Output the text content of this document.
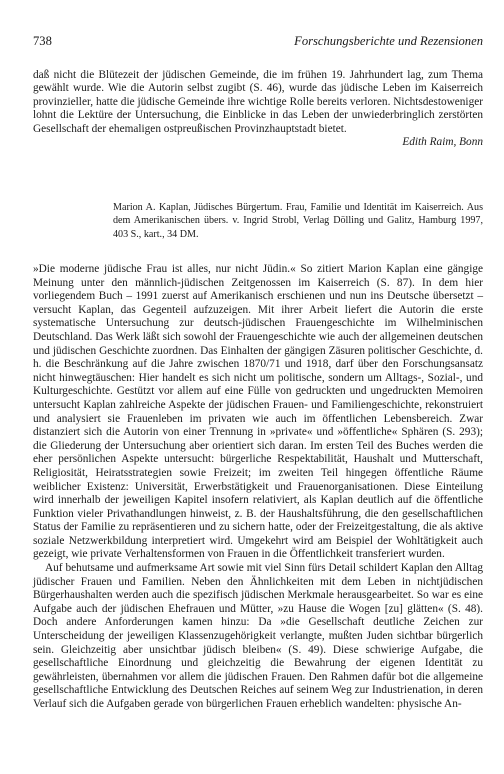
738	Forschungsberichte und Rezensionen

daß nicht die Blütezeit der jüdischen Gemeinde, die im frühen 19. Jahrhundert lag, zum Thema gewählt wurde. Wie die Autorin selbst zugibt (S. 46), wurde das jüdische Leben im Kaiserreich provinzieller, hatte die jüdische Gemeinde ihre wichtige Rolle bereits verloren. Nichtsdestoweniger lohnt die Lektüre der Untersuchung, die Einblicke in das Leben der unwiederbringlich zerstörten Gesellschaft der ehemaligen ostpreußischen Provinzhauptstadt bietet.

Edith Raim, Bonn

Marion A. Kaplan, Jüdisches Bürgertum. Frau, Familie und Identität im Kaiserreich. Aus dem Amerikanischen übers. v. Ingrid Strobl, Verlag Dölling und Galitz, Hamburg 1997, 403 S., kart., 34 DM.

»Die moderne jüdische Frau ist alles, nur nicht Jüdin.« So zitiert Marion Kaplan eine gängige Meinung unter den männlich-jüdischen Zeitgenossen im Kaiserreich (S. 87). In dem hier vorliegendem Buch – 1991 zuerst auf Amerikanisch erschienen und nun ins Deutsche übersetzt – versucht Kaplan, das Gegenteil aufzuzeigen. Mit ihrer Arbeit liefert die Autorin die erste systematische Untersuchung zur deutsch-jüdischen Frauengeschichte im Wilhelminischen Deutschland. Das Werk läßt sich sowohl der Frauengeschichte wie auch der allgemeinen deutschen und jüdischen Geschichte zuordnen. Das Einhalten der gängigen Zäsuren politischer Geschichte, d. h. die Beschränkung auf die Jahre zwischen 1870/71 und 1918, darf über den Forschungsansatz nicht hinwegtäuschen: Hier handelt es sich nicht um politische, sondern um Alltags-, Sozial-, und Kulturgeschichte. Gestützt vor allem auf eine Fülle von gedruckten und ungedruckten Memoiren untersucht Kaplan zahlreiche Aspekte der jüdischen Frauen- und Familiengeschichte, rekonstruiert und analysiert sie Frauenleben im privaten wie auch im öffentlichen Lebensbereich. Zwar distanziert sich die Autorin von einer Trennung in »private« und »öffentliche« Sphären (S. 293); die Gliederung der Untersuchung aber orientiert sich daran. Im ersten Teil des Buches werden die eher persönlichen Aspekte untersucht: bürgerliche Respektabilität, Haushalt und Mutterschaft, Religiosität, Heiratsstrategien sowie Freizeit; im zweiten Teil hingegen öffentliche Räume weiblicher Existenz: Universität, Erwerbstätigkeit und Frauenorganisationen. Diese Einteilung wird innerhalb der jeweiligen Kapitel insofern relativiert, als Kaplan deutlich auf die öffentliche Funktion vieler Privathandlungen hinweist, z. B. der Haushaltsführung, die den gesellschaftlichen Status der Familie zu repräsentieren und zu sichern hatte, oder der Freizeitgestaltung, die als aktive soziale Netzwerkbildung interpretiert wird. Umgekehrt wird am Beispiel der Wohltätigkeit auch gezeigt, wie private Verhaltensformen von Frauen in die Öffentlichkeit transferiert wurden.

Auf behutsame und aufmerksame Art sowie mit viel Sinn fürs Detail schildert Kaplan den Alltag jüdischer Frauen und Familien. Neben den Ähnlichkeiten mit dem Leben in nichtjüdischen Bürgerhaushalten werden auch die spezifisch jüdischen Merkmale herausgearbeitet. So war es eine Aufgabe auch der jüdischen Ehefrauen und Mütter, »zu Hause die Wogen [zu] glätten« (S. 48). Doch andere Anforderungen kamen hinzu: Da »die Gesellschaft deutliche Zeichen zur Unterscheidung der jeweiligen Klassenzugehörigkeit verlangte, mußten Juden sichtbar bürgerlich sein. Gleichzeitig aber unsichtbar jüdisch bleiben« (S. 49). Diese schwierige Aufgabe, die gesellschaftliche Einordnung und gleichzeitig die Bewahrung der eigenen Identität zu gewährleisten, übernahmen vor allem die jüdischen Frauen. Den Rahmen dafür bot die allgemeine gesellschaftliche Entwicklung des Deutschen Reiches auf seinem Weg zur Industrienation, in deren Verlauf sich die Aufgaben gerade von bürgerlichen Frauen erheblich wandelten: physische An-
